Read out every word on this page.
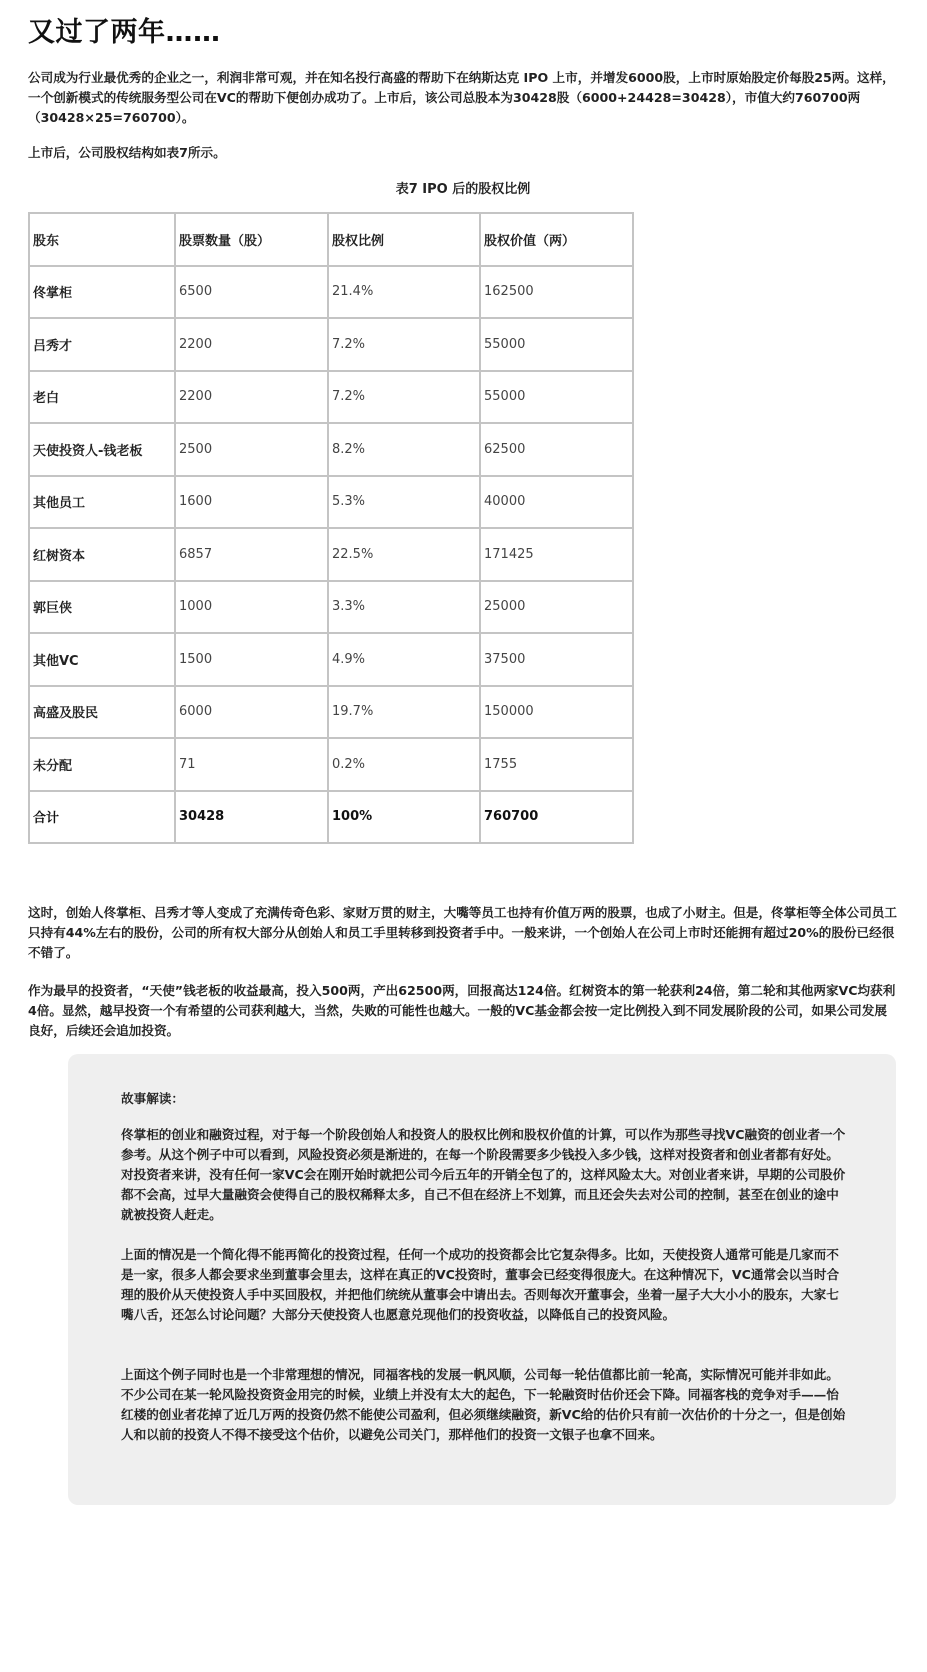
又过了两年……

公司成为行业最优秀的企业之一，利润非常可观，并在知名投行高盛的帮助下在纳斯达克 IPO 上市，并增发6000股，上市时原始股定价每股25两。这样，一个创新模式的传统服务型公司在VC的帮助下便创办成功了。上市后，该公司总股本为30428股（6000+24428=30428），市值大约760700两（30428×25=760700）。

上市后，公司股权结构如表7所示。

表7 IPO 后的股权比例

股东	股票数量（股）	股权比例	股权价值（两）
佟掌柜	6500	21.4%	162500
吕秀才	2200	7.2%	55000
老白	2200	7.2%	55000
天使投资人-钱老板	2500	8.2%	62500
其他员工	1600	5.3%	40000
红树资本	6857	22.5%	171425
郭巨侠	1000	3.3%	25000
其他VC	1500	4.9%	37500
高盛及股民	6000	19.7%	150000
未分配	71	0.2%	1755
合计	30428	100%	760700

这时，创始人佟掌柜、吕秀才等人变成了充满传奇色彩、家财万贯的财主，大嘴等员工也持有价值万两的股票，也成了小财主。但是，佟掌柜等全体公司员工只持有44%左右的股份，公司的所有权大部分从创始人和员工手里转移到投资者手中。一般来讲，一个创始人在公司上市时还能拥有超过20%的股份已经很不错了。

作为最早的投资者，“天使”钱老板的收益最高，投入500两，产出62500两，回报高达124倍。红树资本的第一轮获利24倍，第二轮和其他两家VC均获利4倍。显然，越早投资一个有希望的公司获利越大，当然，失败的可能性也越大。一般的VC基金都会按一定比例投入到不同发展阶段的公司，如果公司发展良好，后续还会追加投资。

故事解读：

佟掌柜的创业和融资过程，对于每一个阶段创始人和投资人的股权比例和股权价值的计算，可以作为那些寻找VC融资的创业者一个参考。从这个例子中可以看到，风险投资必须是渐进的，在每一个阶段需要多少钱投入多少钱，这样对投资者和创业者都有好处。对投资者来讲，没有任何一家VC会在刚开始时就把公司今后五年的开销全包了的，这样风险太大。对创业者来讲，早期的公司股价都不会高，过早大量融资会使得自己的股权稀释太多，自己不但在经济上不划算，而且还会失去对公司的控制，甚至在创业的途中就被投资人赶走。

上面的情况是一个简化得不能再简化的投资过程，任何一个成功的投资都会比它复杂得多。比如，天使投资人通常可能是几家而不是一家，很多人都会要求坐到董事会里去，这样在真正的VC投资时，董事会已经变得很庞大。在这种情况下，VC通常会以当时合理的股价从天使投资人手中买回股权，并把他们统统从董事会中请出去。否则每次开董事会，坐着一屋子大大小小的股东，大家七嘴八舌，还怎么讨论问题？大部分天使投资人也愿意兑现他们的投资收益，以降低自己的投资风险。

上面这个例子同时也是一个非常理想的情况，同福客栈的发展一帆风顺，公司每一轮估值都比前一轮高，实际情况可能并非如此。不少公司在某一轮风险投资资金用完的时候，业绩上并没有太大的起色，下一轮融资时估价还会下降。同福客栈的竞争对手——怡红楼的创业者花掉了近几万两的投资仍然不能使公司盈利，但必须继续融资，新VC给的估价只有前一次估价的十分之一，但是创始人和以前的投资人不得不接受这个估价，以避免公司关门，那样他们的投资一文银子也拿不回来。
